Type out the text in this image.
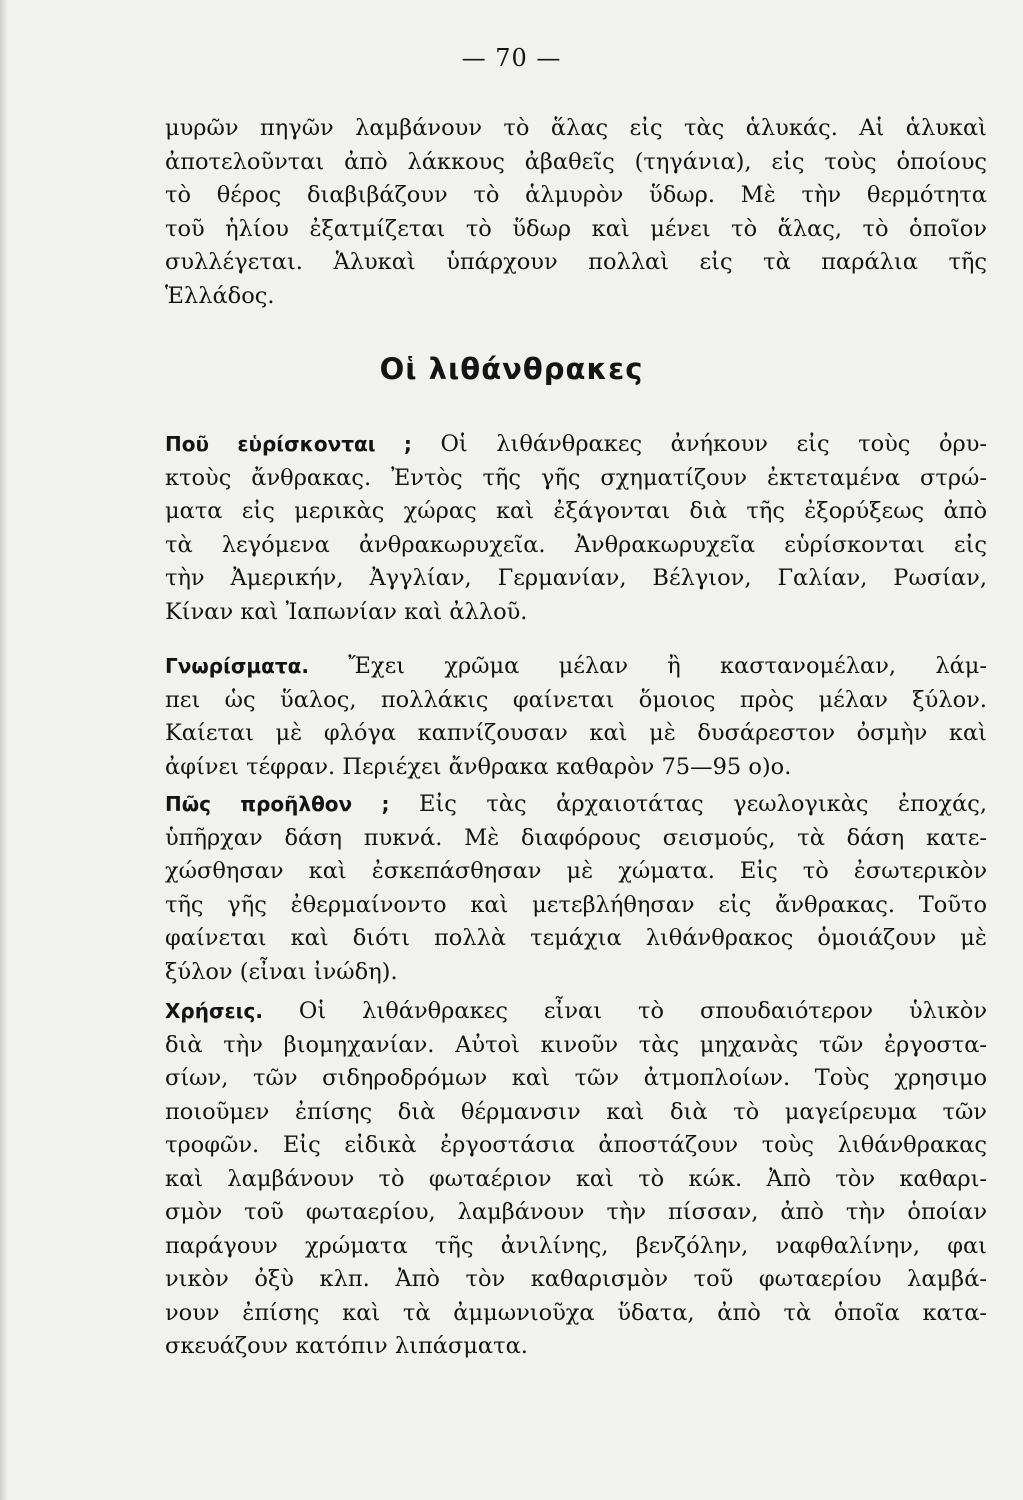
— 70 —
μυρῶν πηγῶν λαμβάνουν τὸ ἅλας εἰς τὰς ἁλυκάς. Αἱ ἁλυκαὶ
ἀποτελοῦνται ἀπὸ λάκκους ἀβαθεῖς (τηγάνια), εἰς τοὺς ὁποίους
τὸ θέρος διαβιβάζουν τὸ ἁλμυρὸν ὕδωρ. Μὲ τὴν θερμότητα
τοῦ ἡλίου ἐξατμίζεται τὸ ὕδωρ καὶ μένει τὸ ἅλας, τὸ ὁποῖον
συλλέγεται. Ἁλυκαὶ ὑπάρχουν πολλαὶ εἰς τὰ παράλια τῆς
Ἑλλάδος.
Οἱ λιθάνθρακες
Ποῦ εὑρίσκονται ; Οἱ λιθάνθρακες ἀνήκουν εἰς τοὺς ὀρυ-
κτοὺς ἄνθρακας. Ἐντὸς τῆς γῆς σχηματίζουν ἐκτεταμένα στρώ-
ματα εἰς μερικὰς χώρας καὶ ἐξάγονται διὰ τῆς ἐξορύξεως ἀπὸ
τὰ λεγόμενα ἀνθρακωρυχεῖα. Ἀνθρακωρυχεῖα εὑρίσκονται εἰς
τὴν Ἀμερικήν, Ἀγγλίαν, Γερμανίαν, Βέλγιον, Γαλίαν, Ρωσίαν,
Κίναν καὶ Ἰαπωνίαν καὶ ἀλλοῦ.
Γνωρίσματα. Ἔχει χρῶμα μέλαν ἢ καστανομέλαν, λάμ-
πει ὡς ὕαλος, πολλάκις φαίνεται ὅμοιος πρὸς μέλαν ξύλον.
Καίεται μὲ φλόγα καπνίζουσαν καὶ μὲ δυσάρεστον ὀσμὴν καὶ
ἀφίνει τέφραν. Περιέχει ἄνθρακα καθαρὸν 75—95 ο)ο.
Πῶς προῆλθον ; Εἰς τὰς ἀρχαιοτάτας γεωλογικὰς ἐποχάς,
ὑπῆρχαν δάση πυκνά. Μὲ διαφόρους σεισμούς, τὰ δάση κατε-
χώσθησαν καὶ ἐσκεπάσθησαν μὲ χώματα. Εἰς τὸ ἐσωτερικὸν
τῆς γῆς ἐθερμαίνοντο καὶ μετεβλήθησαν εἰς ἄνθρακας. Τοῦτο
φαίνεται καὶ διότι πολλὰ τεμάχια λιθάνθρακος ὁμοιάζουν μὲ
ξύλον (εἶναι ἰνώδη).
Χρήσεις. Οἱ λιθάνθρακες εἶναι τὸ σπουδαιότερον ὑλικὸν
διὰ τὴν βιομηχανίαν. Αὐτοὶ κινοῦν τὰς μηχανὰς τῶν ἐργοστα-
σίων, τῶν σιδηροδρόμων καὶ τῶν ἀτμοπλοίων. Τοὺς χρησιμο
ποιοῦμεν ἐπίσης διὰ θέρμανσιν καὶ διὰ τὸ μαγείρευμα τῶν
τροφῶν. Εἰς εἰδικὰ ἐργοστάσια ἀποστάζουν τοὺς λιθάνθρακας
καὶ λαμβάνουν τὸ φωταέριον καὶ τὸ κώκ. Ἀπὸ τὸν καθαρι-
σμὸν τοῦ φωταερίου, λαμβάνουν τὴν πίσσαν, ἀπὸ τὴν ὁποίαν
παράγουν χρώματα τῆς ἀνιλίνης, βενζόλην, ναφθαλίνην, φαι
νικὸν ὀξὺ κλπ. Ἀπὸ τὸν καθαρισμὸν τοῦ φωταερίου λαμβά-
νουν ἐπίσης καὶ τὰ ἀμμωνιοῦχα ὕδατα, ἀπὸ τὰ ὁποῖα κατα-
σκευάζουν κατόπιν λιπάσματα.
